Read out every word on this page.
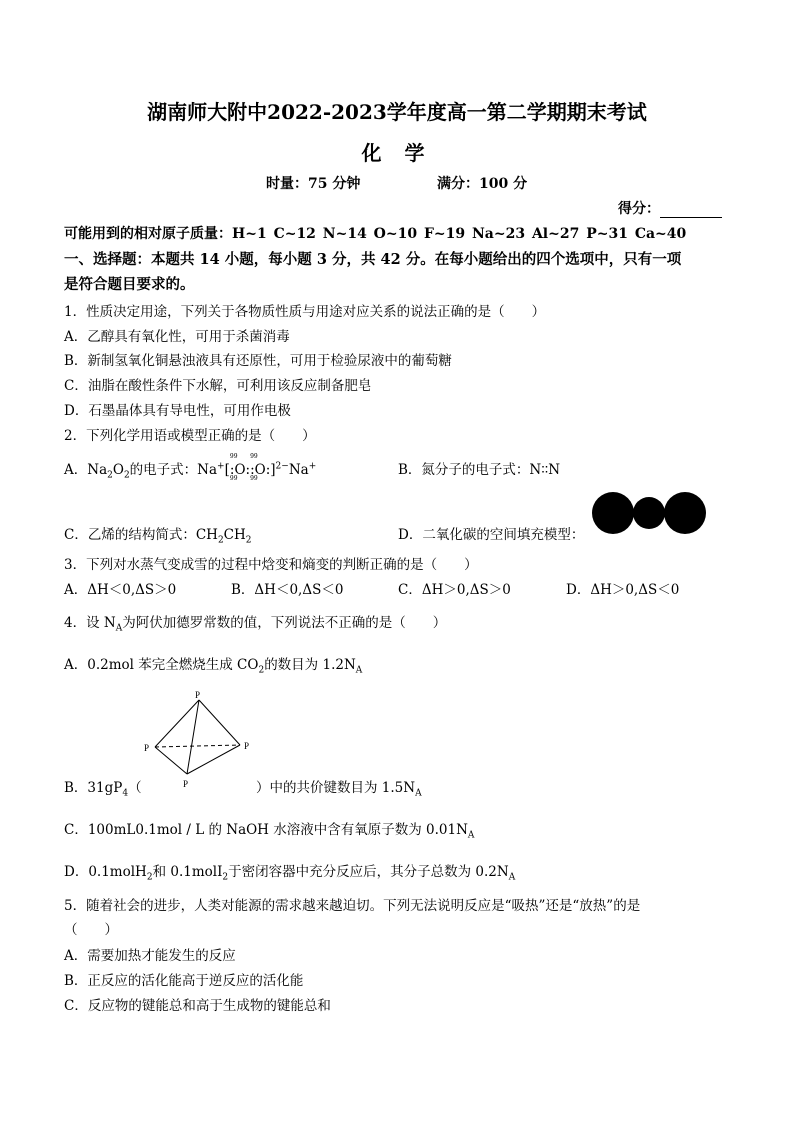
湖南师大附中2022-2023学年度高一第二学期期末考试
化 学
时量：75 分钟	满分：100 分
得分：
可能用到的相对原子质量：H~1 C~12 N~14 O~10 F~19 Na~23 Al~27 P~31 Ca~40
一、选择题：本题共 14 小题，每小题 3 分，共 42 分。在每小题给出的四个选项中，只有一项
是符合题目要求的。
1．性质决定用途，下列关于各物质性质与用途对应关系的说法正确的是（　　）
A．乙醇具有氧化性，可用于杀菌消毒
B．新制氢氧化铜悬浊液具有还原性，可用于检验尿液中的葡萄糖
C．油脂在酸性条件下水解，可利用该反应制备肥皂
D．石墨晶体具有导电性，可用作电极
2．下列化学用语或模型正确的是（　　）
A．$Na_2O_2$的电子式：Na+[:
99
O
99
::
99
O
99
:]$^{2-}$Na+	B．氮分子的电子式：N∶∶N
C．乙烯的结构简式：$CH_2CH_2$	D．二氧化碳的空间填充模型：
3．下列对水蒸气变成雪的过程中焓变和熵变的判断正确的是（　　）
A．ΔH＜0,ΔS＞0	B．ΔH＜0,ΔS＜0	C．ΔH＞0,ΔS＞0	D．ΔH＞0,ΔS＜0
4．设 $N_A$为阿伏加德罗常数的值，下列说法不正确的是（　　）
A．0.2mol 苯完全燃烧生成 $CO_2$的数目为 $1.2N_A$
P
P	P
P
B．$31gP_4$（	）中的共价键数目为 $1.5N_A$
C．100mL0.1mol / L 的 NaOH 水溶液中含有氧原子数为 $0.01N_A$
D．0.1molH$_2$和 0.1molI$_2$于密闭容器中充分反应后，其分子总数为 $0.2N_A$
5．随着社会的进步，人类对能源的需求越来越迫切。下列无法说明反应是“吸热”还是“放热”的是
（　　）
A．需要加热才能发生的反应
B．正反应的活化能高于逆反应的活化能
C．反应物的键能总和高于生成物的键能总和
